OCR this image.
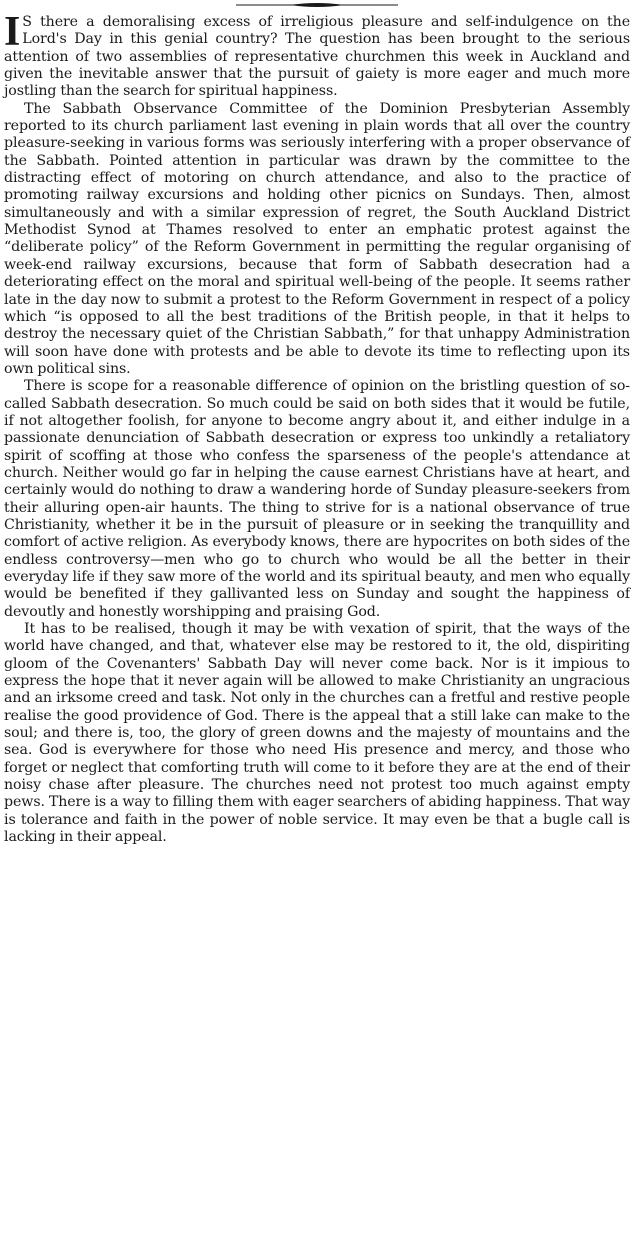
I S there a demoralising excess of irreligious pleasure and self-indulgence on the Lord's Day in this genial country? The question has been brought to the serious attention of two assemblies of representative churchmen this week in Auckland and given the inevitable answer that the pursuit of gaiety is more eager and much more jostling than the search for spiritual happiness.

The Sabbath Observance Committee of the Dominion Presbyterian Assembly reported to its church parliament last evening in plain words that all over the country pleasure-seeking in various forms was seriously interfering with a proper observance of the Sabbath. Pointed attention in particular was drawn by the committee to the distracting effect of motoring on church attendance, and also to the practice of promoting railway excursions and holding other picnics on Sundays. Then, almost simultaneously and with a similar expression of regret, the South Auckland District Methodist Synod at Thames resolved to enter an emphatic protest against the “deliberate policy” of the Reform Government in permitting the regular organising of week-end railway excursions, because that form of Sabbath desecration had a deteriorating effect on the moral and spiritual well-being of the people. It seems rather late in the day now to submit a protest to the Reform Government in respect of a policy which “is opposed to all the best traditions of the British people, in that it helps to destroy the necessary quiet of the Christian Sabbath,” for that unhappy Administration will soon have done with protests and be able to devote its time to reflecting upon its own political sins.

There is scope for a reasonable difference of opinion on the bristling question of so-called Sabbath desecration. So much could be said on both sides that it would be futile, if not altogether foolish, for anyone to become angry about it, and either indulge in a passionate denunciation of Sabbath desecration or express too unkindly a retaliatory spirit of scoffing at those who confess the sparseness of the people's attendance at church. Neither would go far in helping the cause earnest Christians have at heart, and certainly would do nothing to draw a wandering horde of Sunday pleasure-seekers from their alluring open-air haunts. The thing to strive for is a national observance of true Christianity, whether it be in the pursuit of pleasure or in seeking the tranquillity and comfort of active religion. As everybody knows, there are hypocrites on both sides of the endless controversy—men who go to church who would be all the better in their everyday life if they saw more of the world and its spiritual beauty, and men who equally would be benefited if they gallivanted less on Sunday and sought the happiness of devoutly and honestly worshipping and praising God.

It has to be realised, though it may be with vexation of spirit, that the ways of the world have changed, and that, whatever else may be restored to it, the old, dispiriting gloom of the Covenanters' Sabbath Day will never come back. Nor is it impious to express the hope that it never again will be allowed to make Christianity an ungracious and an irksome creed and task. Not only in the churches can a fretful and restive people realise the good providence of God. There is the appeal that a still lake can make to the soul; and there is, too, the glory of green downs and the majesty of mountains and the sea. God is everywhere for those who need His presence and mercy, and those who forget or neglect that comforting truth will come to it before they are at the end of their noisy chase after pleasure. The churches need not protest too much against empty pews. There is a way to filling them with eager searchers of abiding happiness. That way is tolerance and faith in the power of noble service. It may even be that a bugle call is lacking in their appeal.
